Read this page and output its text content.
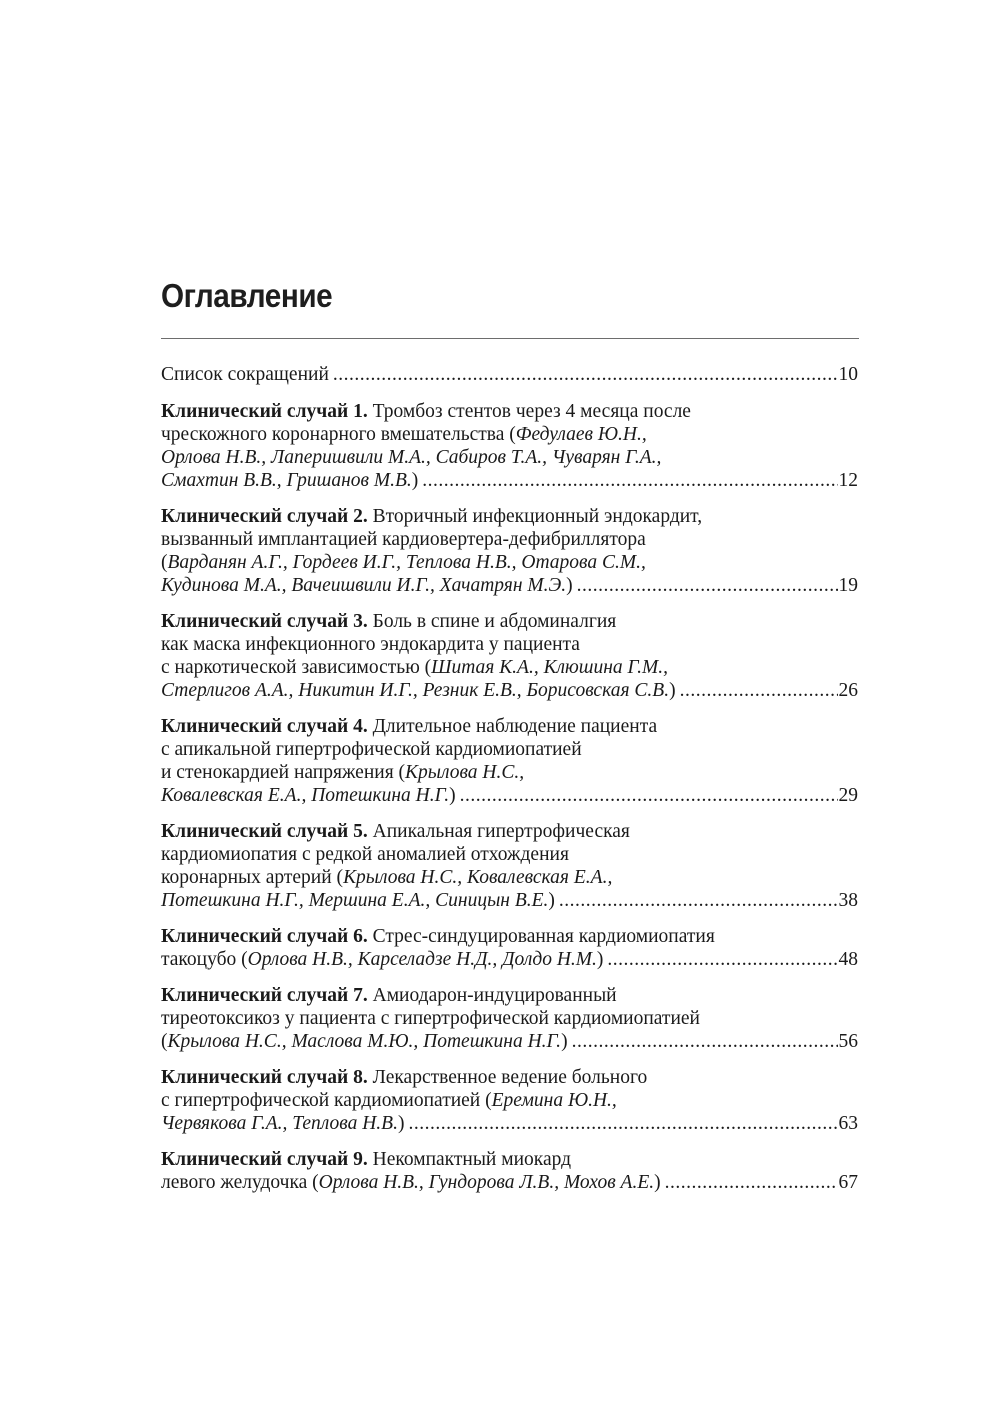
Оглавление
Список сокращений .....	10
Клинический случай 1. Тромбоз стентов через 4 месяца после
чрескожного коронарного вмешательства (Федулаев Ю.Н.,
Орлова Н.В., Лаперишвили М.А., Сабиров Т.А., Чуварян Г.А.,
Смахтин В.В., Гришанов М.В.) .....	12
Клинический случай 2. Вторичный инфекционный эндокардит,
вызванный имплантацией кардиовертера-дефибриллятора
(Варданян А.Г., Гордеев И.Г., Теплова Н.В., Отарова С.М.,
Кудинова М.А., Вачеишвили И.Г., Хачатрян М.Э.) .....	19
Клинический случай 3. Боль в спине и абдоминалгия
как маска инфекционного эндокардита у пациента
с наркотической зависимостью (Шитая К.А., Клюшина Г.М.,
Стерлигов А.А., Никитин И.Г., Резник Е.В., Борисовская С.В.) .....	26
Клинический случай 4. Длительное наблюдение пациента
с апикальной гипертрофической кардиомиопатией
и стенокардией напряжения (Крылова Н.С.,
Ковалевская Е.А., Потешкина Н.Г.) .....	29
Клинический случай 5. Апикальная гипертрофическая
кардиомиопатия с редкой аномалией отхождения
коронарных артерий (Крылова Н.С., Ковалевская Е.А.,
Потешкина Н.Г., Мершина Е.А., Синицын В.Е.) .....	38
Клинический случай 6. Стрес-синдуцированная кардиомиопатия
такоцубо (Орлова Н.В., Карселадзе Н.Д., Долдо Н.М.) .....	48
Клинический случай 7. Амиодарон-индуцированный
тиреотоксикоз у пациента с гипертрофической кардиомиопатией
(Крылова Н.С., Маслова М.Ю., Потешкина Н.Г.) .....	56
Клинический случай 8. Лекарственное ведение больного
с гипертрофической кардиомиопатией (Еремина Ю.Н.,
Червякова Г.А., Теплова Н.В.) .....	63
Клинический случай 9. Некомпактный миокард
левого желудочка (Орлова Н.В., Гундорова Л.В., Мохов А.Е.) .....	67
